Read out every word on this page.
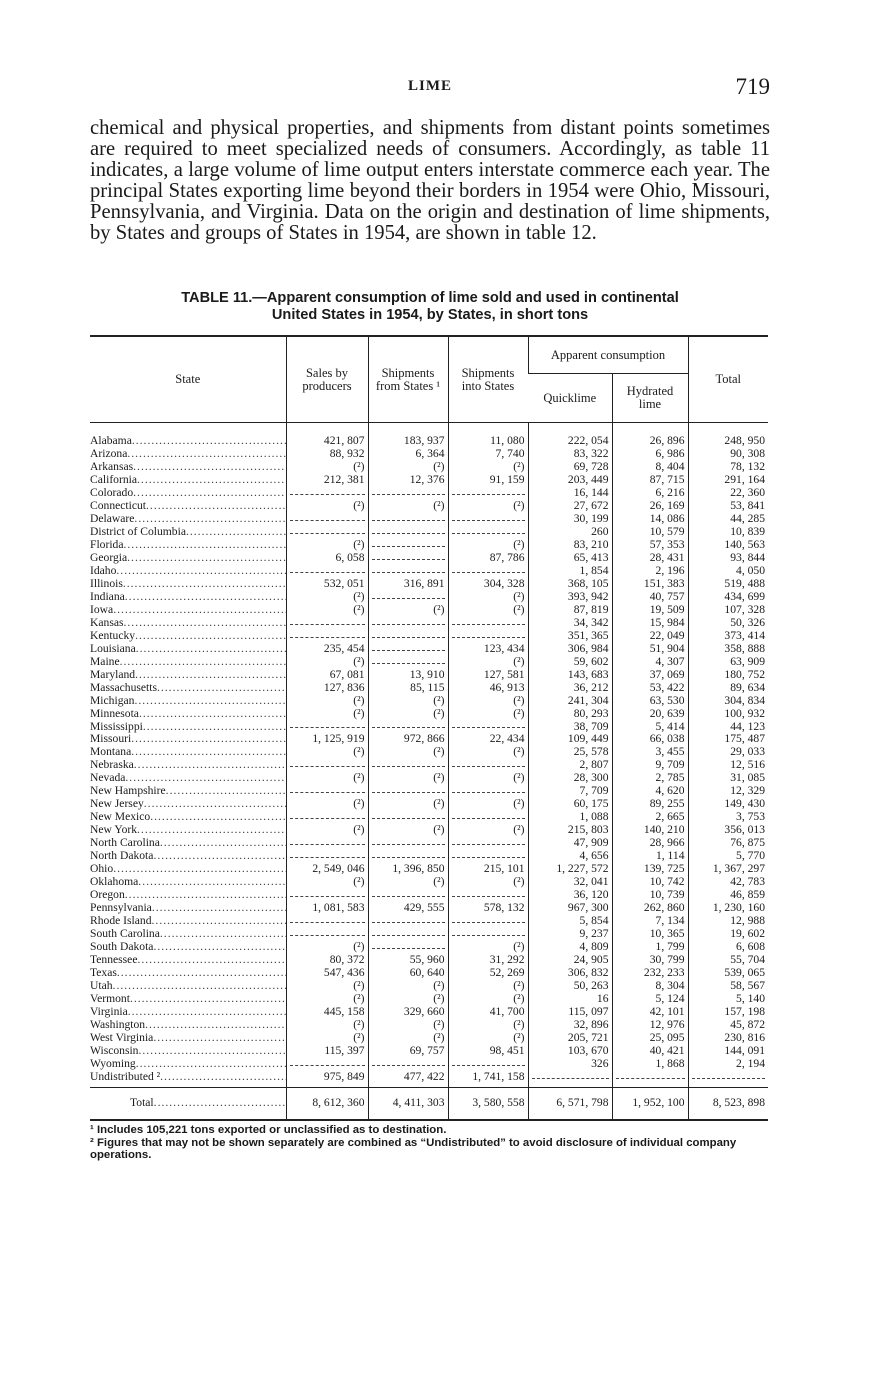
LIME	719
chemical and physical properties, and shipments from distant points sometimes are required to meet specialized needs of consumers. Accordingly, as table 11 indicates, a large volume of lime output enters interstate commerce each year. The principal States exporting lime beyond their borders in 1954 were Ohio, Missouri, Pennsylvania, and Virginia. Data on the origin and destination of lime shipments, by States and groups of States in 1954, are shown in table 12.
TABLE 11.—Apparent consumption of lime sold and used in continental
United States in 1954, by States, in short tons
State	Sales by producers	Shipments from States ¹	Shipments into States	Apparent consumption		Total
				Quicklime	Hydrated lime	
Alabama .....	421, 807	183, 937	11, 080	222, 054	26, 896	248, 950
Arizona .....	88, 932	6, 364	7, 740	83, 322	6, 986	90, 308
Arkansas .....	(²)	(²)	(²)	69, 728	8, 404	78, 132
California .....	212, 381	12, 376	91, 159	203, 449	87, 715	291, 164
Colorado .....				16, 144	6, 216	22, 360
Connecticut .....	(²)	(²)	(²)	27, 672	26, 169	53, 841
Delaware .....				30, 199	14, 086	44, 285
District of Columbia .....				260	10, 579	10, 839
Florida .....	(²)		(²)	83, 210	57, 353	140, 563
Georgia .....	6, 058		87, 786	65, 413	28, 431	93, 844
Idaho .....				1, 854	2, 196	4, 050
Illinois .....	532, 051	316, 891	304, 328	368, 105	151, 383	519, 488
Indiana .....	(²)		(²)	393, 942	40, 757	434, 699
Iowa .....	(²)	(²)	(²)	87, 819	19, 509	107, 328
Kansas .....				34, 342	15, 984	50, 326
Kentucky .....				351, 365	22, 049	373, 414
Louisiana .....	235, 454		123, 434	306, 984	51, 904	358, 888
Maine .....	(²)		(²)	59, 602	4, 307	63, 909
Maryland .....	67, 081	13, 910	127, 581	143, 683	37, 069	180, 752
Massachusetts .....	127, 836	85, 115	46, 913	36, 212	53, 422	89, 634
Michigan .....	(²)	(²)	(²)	241, 304	63, 530	304, 834
Minnesota .....	(²)	(²)	(²)	80, 293	20, 639	100, 932
Mississippi .....				38, 709	5, 414	44, 123
Missouri .....	1, 125, 919	972, 866	22, 434	109, 449	66, 038	175, 487
Montana .....	(²)	(²)	(²)	25, 578	3, 455	29, 033
Nebraska .....				2, 807	9, 709	12, 516
Nevada .....	(²)	(²)	(²)	28, 300	2, 785	31, 085
New Hampshire .....				7, 709	4, 620	12, 329
New Jersey .....	(²)	(²)	(²)	60, 175	89, 255	149, 430
New Mexico .....				1, 088	2, 665	3, 753
New York .....	(²)	(²)	(²)	215, 803	140, 210	356, 013
North Carolina .....				47, 909	28, 966	76, 875
North Dakota .....				4, 656	1, 114	5, 770
Ohio .....	2, 549, 046	1, 396, 850	215, 101	1, 227, 572	139, 725	1, 367, 297
Oklahoma .....	(²)	(²)	(²)	32, 041	10, 742	42, 783
Oregon .....				36, 120	10, 739	46, 859
Pennsylvania .....	1, 081, 583	429, 555	578, 132	967, 300	262, 860	1, 230, 160
Rhode Island .....				5, 854	7, 134	12, 988
South Carolina .....				9, 237	10, 365	19, 602
South Dakota .....	(²)		(²)	4, 809	1, 799	6, 608
Tennessee .....	80, 372	55, 960	31, 292	24, 905	30, 799	55, 704
Texas .....	547, 436	60, 640	52, 269	306, 832	232, 233	539, 065
Utah .....	(²)	(²)	(²)	50, 263	8, 304	58, 567
Vermont .....	(²)	(²)	(²)	16	5, 124	5, 140
Virginia .....	445, 158	329, 660	41, 700	115, 097	42, 101	157, 198
Washington .....	(²)	(²)	(²)	32, 896	12, 976	45, 872
West Virginia .....	(²)	(²)	(²)	205, 721	25, 095	230, 816
Wisconsin .....	115, 397	69, 757	98, 451	103, 670	40, 421	144, 091
Wyoming .....				326	1, 868	2, 194
Undistributed ² .....	975, 849	477, 422	1, 741, 158	

Total .....	8, 612, 360	4, 411, 303	3, 580, 558	6, 571, 798	1, 952, 100	8, 523, 898
¹ Includes 105,221 tons exported or unclassified as to destination.
² Figures that may not be shown separately are combined as “Undistributed” to avoid disclosure of individual company operations.
